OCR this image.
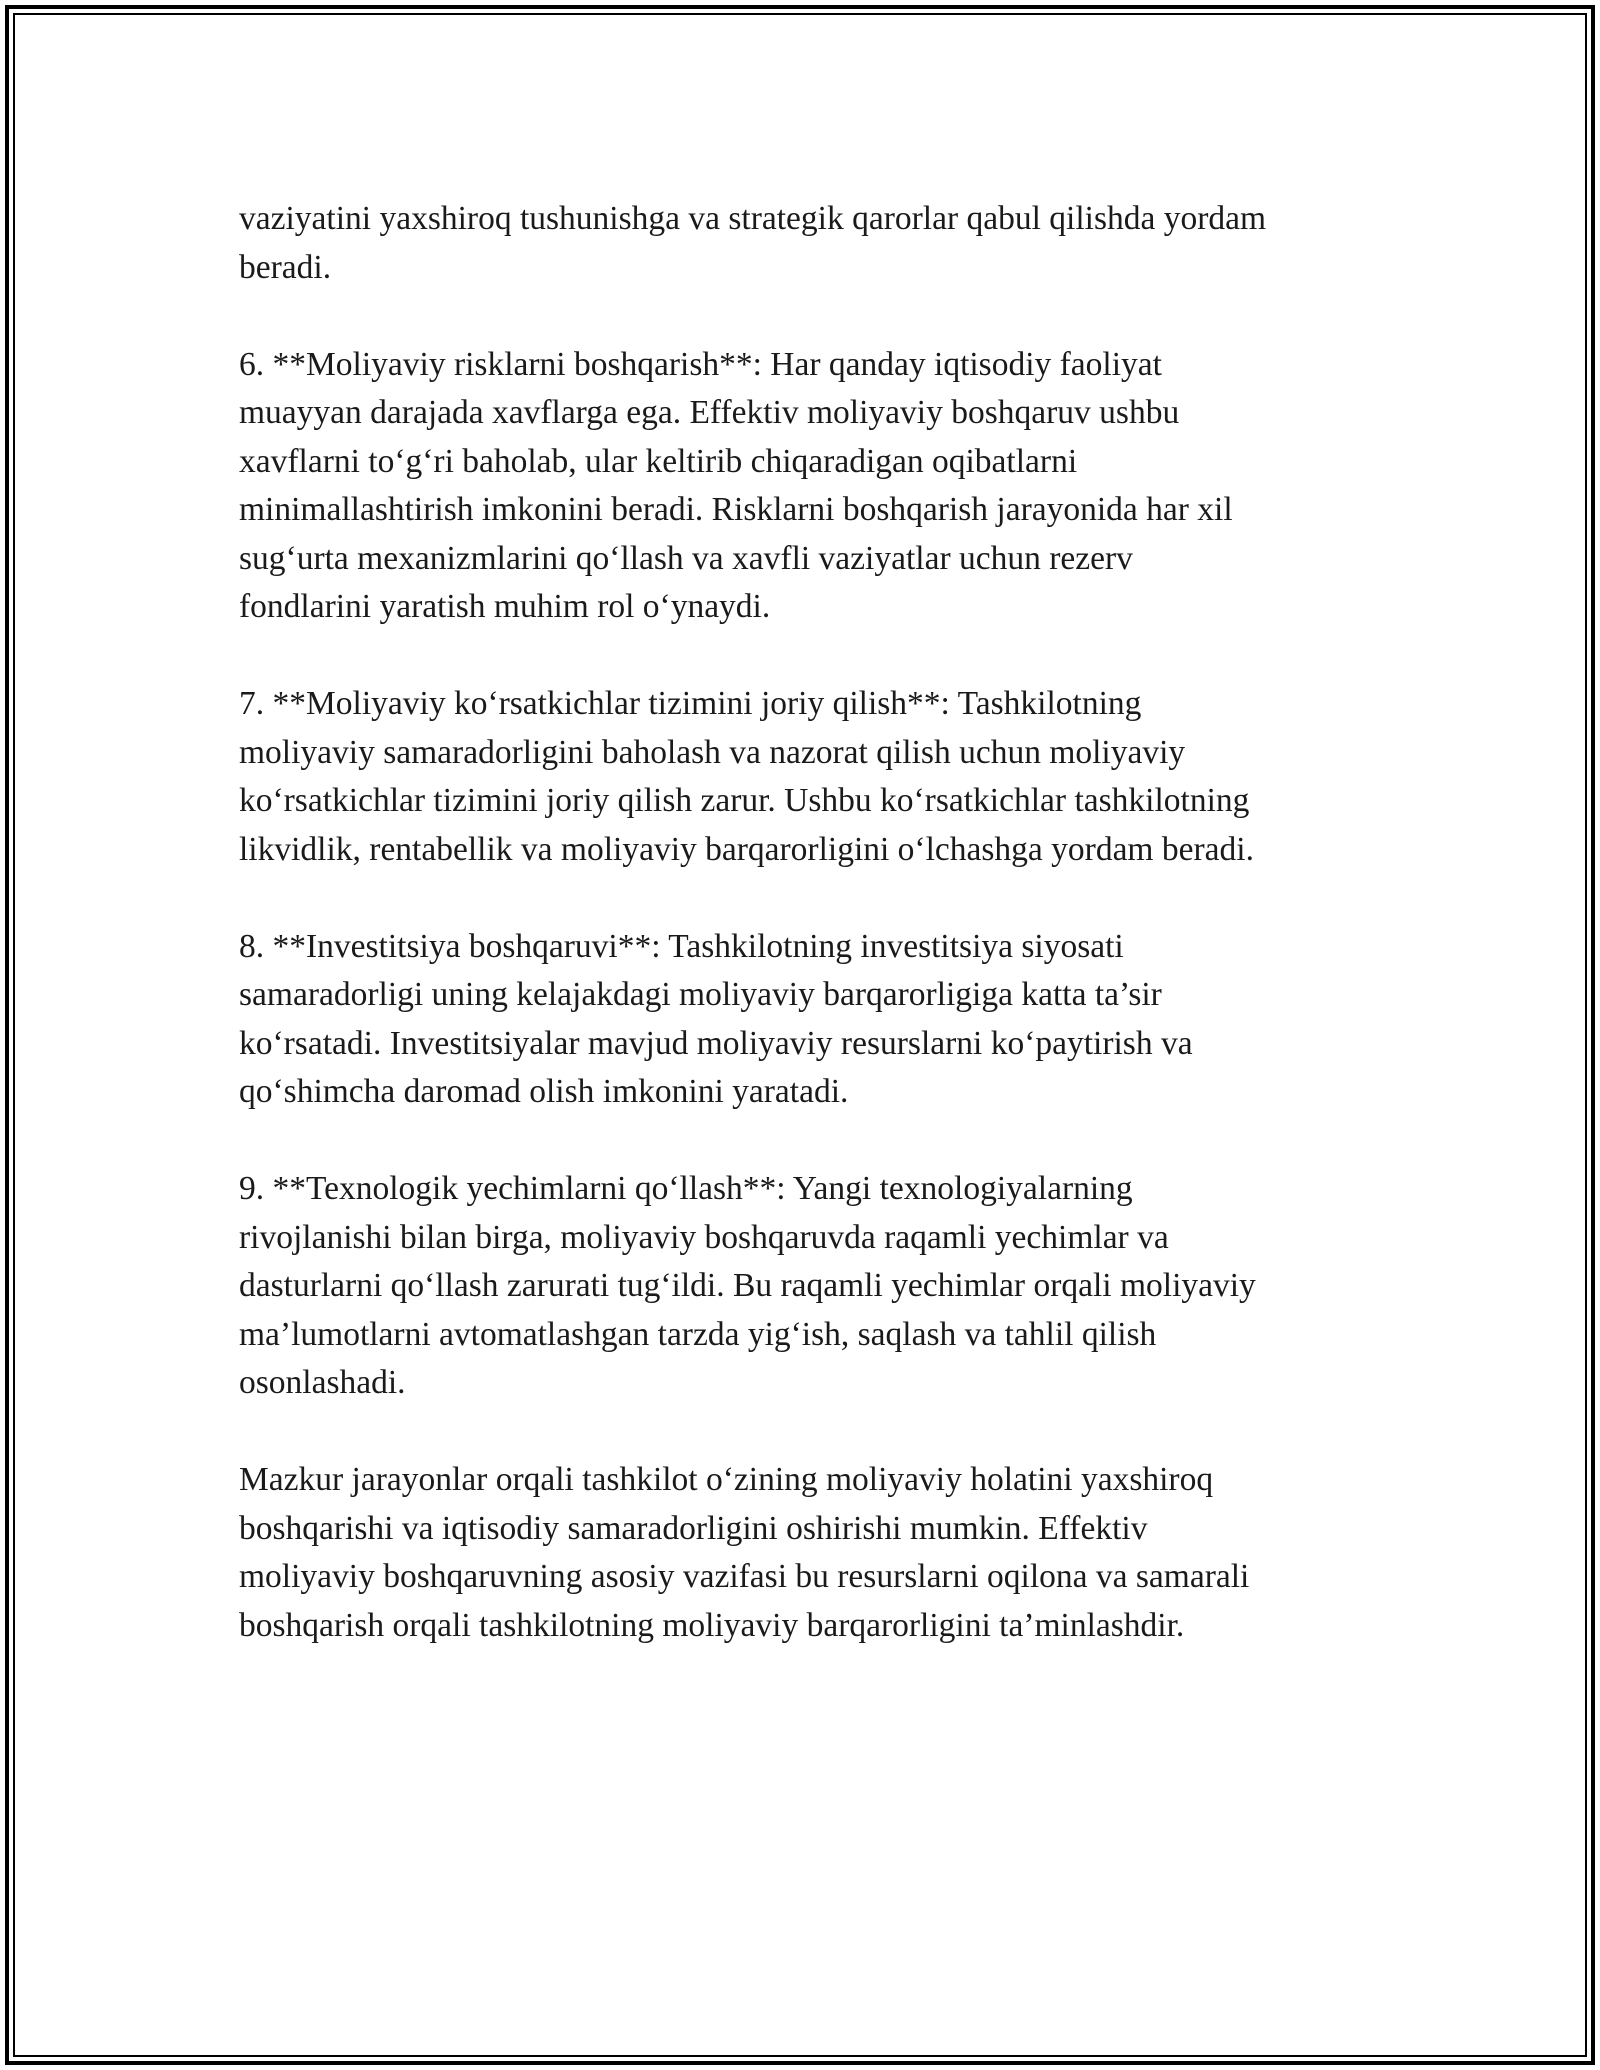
vaziyatini yaxshiroq tushunishga va strategik qarorlar qabul qilishda yordam
beradi.

6. **Moliyaviy risklarni boshqarish**: Har qanday iqtisodiy faoliyat
muayyan darajada xavflarga ega. Effektiv moliyaviy boshqaruv ushbu
xavflarni to‘g‘ri baholab, ular keltirib chiqaradigan oqibatlarni
minimallashtirish imkonini beradi. Risklarni boshqarish jarayonida har xil
sug‘urta mexanizmlarini qo‘llash va xavfli vaziyatlar uchun rezerv
fondlarini yaratish muhim rol o‘ynaydi.

7. **Moliyaviy ko‘rsatkichlar tizimini joriy qilish**: Tashkilotning
moliyaviy samaradorligini baholash va nazorat qilish uchun moliyaviy
ko‘rsatkichlar tizimini joriy qilish zarur. Ushbu ko‘rsatkichlar tashkilotning
likvidlik, rentabellik va moliyaviy barqarorligini o‘lchashga yordam beradi.

8. **Investitsiya boshqaruvi**: Tashkilotning investitsiya siyosati
samaradorligi uning kelajakdagi moliyaviy barqarorligiga katta ta’sir
ko‘rsatadi. Investitsiyalar mavjud moliyaviy resurslarni ko‘paytirish va
qo‘shimcha daromad olish imkonini yaratadi.

9. **Texnologik yechimlarni qo‘llash**: Yangi texnologiyalarning
rivojlanishi bilan birga, moliyaviy boshqaruvda raqamli yechimlar va
dasturlarni qo‘llash zarurati tug‘ildi. Bu raqamli yechimlar orqali moliyaviy
ma’lumotlarni avtomatlashgan tarzda yig‘ish, saqlash va tahlil qilish
osonlashadi.

Mazkur jarayonlar orqali tashkilot o‘zining moliyaviy holatini yaxshiroq
boshqarishi va iqtisodiy samaradorligini oshirishi mumkin. Effektiv
moliyaviy boshqaruvning asosiy vazifasi bu resurslarni oqilona va samarali
boshqarish orqali tashkilotning moliyaviy barqarorligini ta’minlashdir.
